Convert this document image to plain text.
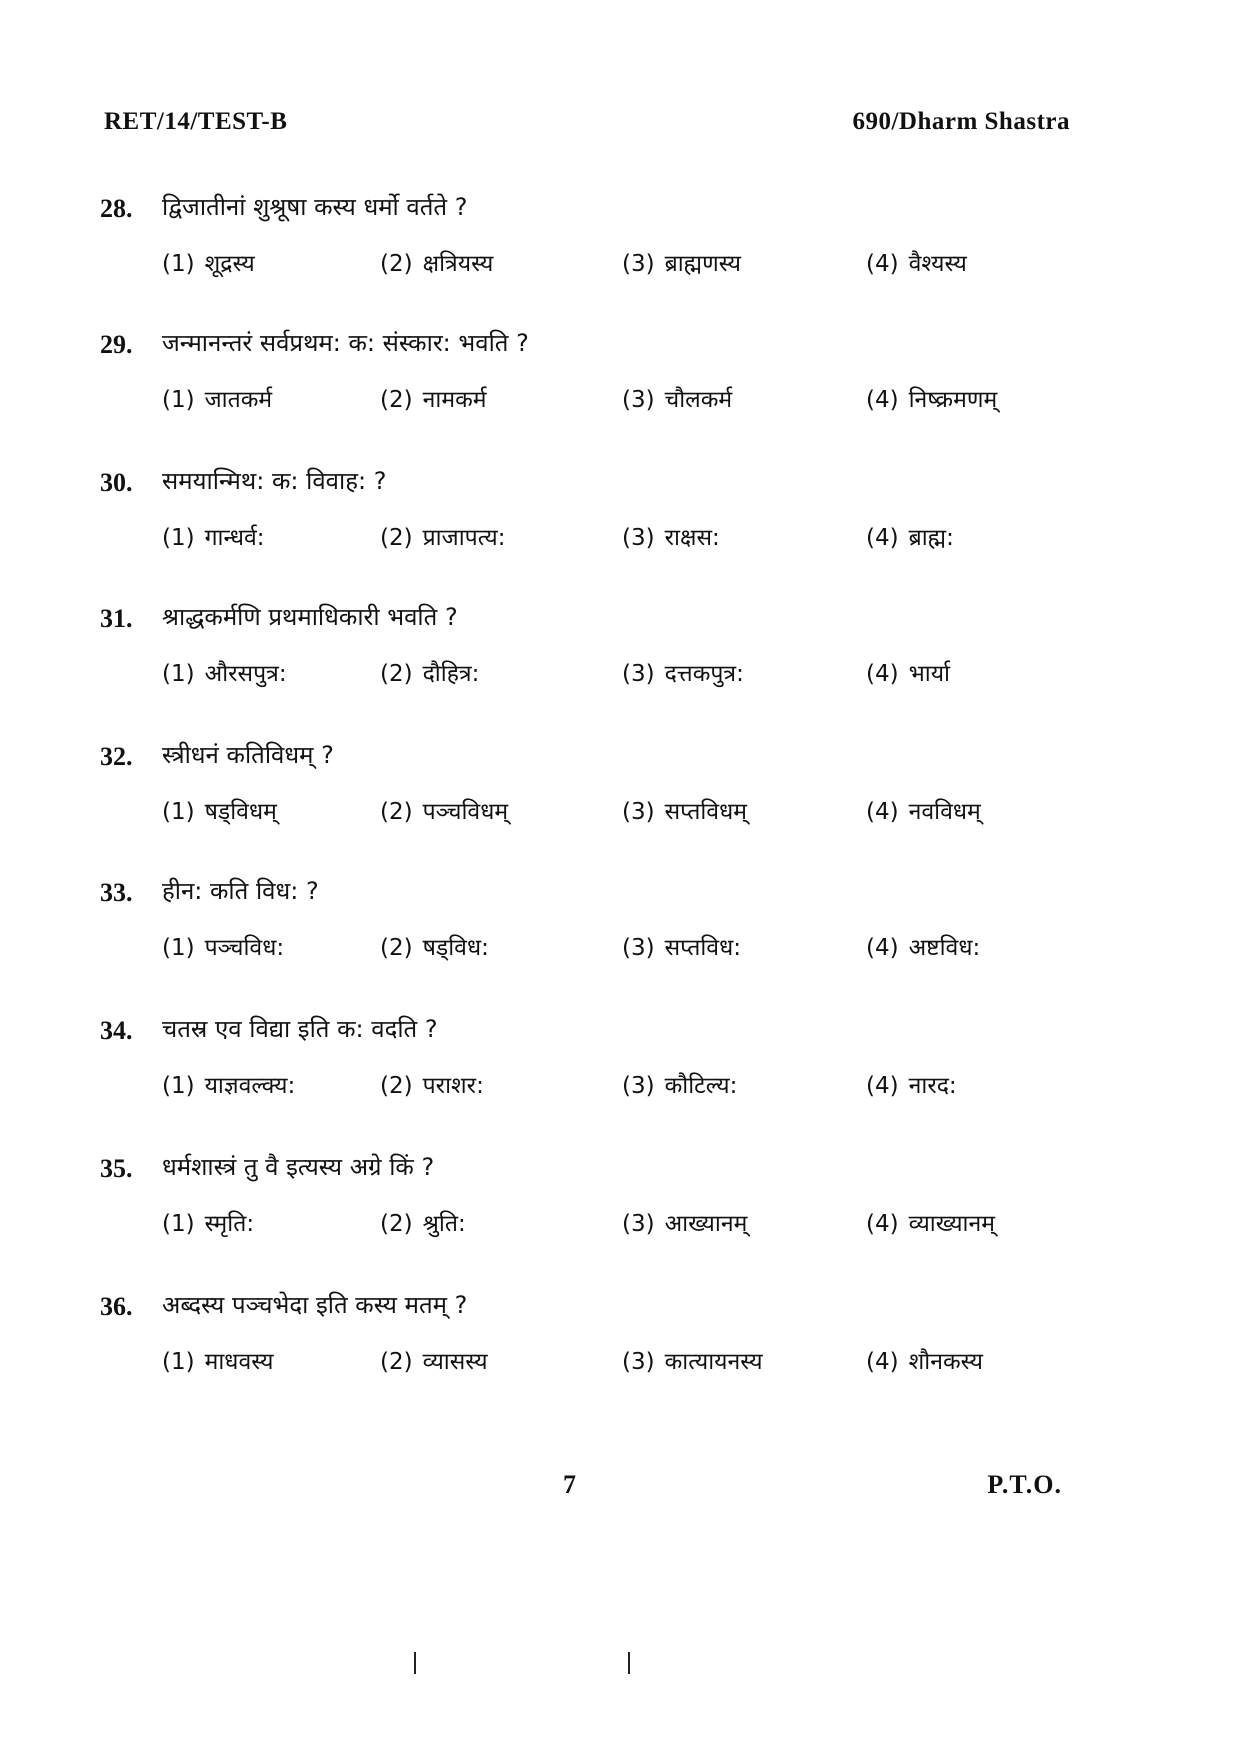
RET/14/TEST-B	690/Dharm Shastra
28. द्विजातीनां शुश्रूषा कस्य धर्मो वर्तते ?
(1) शूद्रस्य	(2) क्षत्रियस्य	(3) ब्राह्मणस्य	(4) वैश्यस्य
29. जन्मानन्तरं सर्वप्रथम: क: संस्कार: भवति ?
(1) जातकर्म	(2) नामकर्म	(3) चौलकर्म	(4) निष्क्रमणम्
30. समयान्मिथ: क: विवाह: ?
(1) गान्धर्व:	(2) प्राजापत्य:	(3) राक्षस:	(4) ब्राह्म:
31. श्राद्धकर्मणि प्रथमाधिकारी भवति ?
(1) औरसपुत्र:	(2) दौहित्र:	(3) दत्तकपुत्र:	(4) भार्या
32. स्त्रीधनं कतिविधम् ?
(1) षड्विधम्	(2) पञ्चविधम्	(3) सप्तविधम्	(4) नवविधम्
33. हीन: कति विध: ?
(1) पञ्चविध:	(2) षड्विध:	(3) सप्तविध:	(4) अष्टविध:
34. चतस्र एव विद्या इति क: वदति ?
(1) याज्ञवल्क्य:	(2) पराशर:	(3) कौटिल्य:	(4) नारद:
35. धर्मशास्त्रं तु वै इत्यस्य अग्रे किं ?
(1) स्मृति:	(2) श्रुति:	(3) आख्यानम्	(4) व्याख्यानम्
36. अब्दस्य पञ्चभेदा इति कस्य मतम् ?
(1) माधवस्य	(2) व्यासस्य	(3) कात्यायनस्य	(4) शौनकस्य
7	P.T.O.
